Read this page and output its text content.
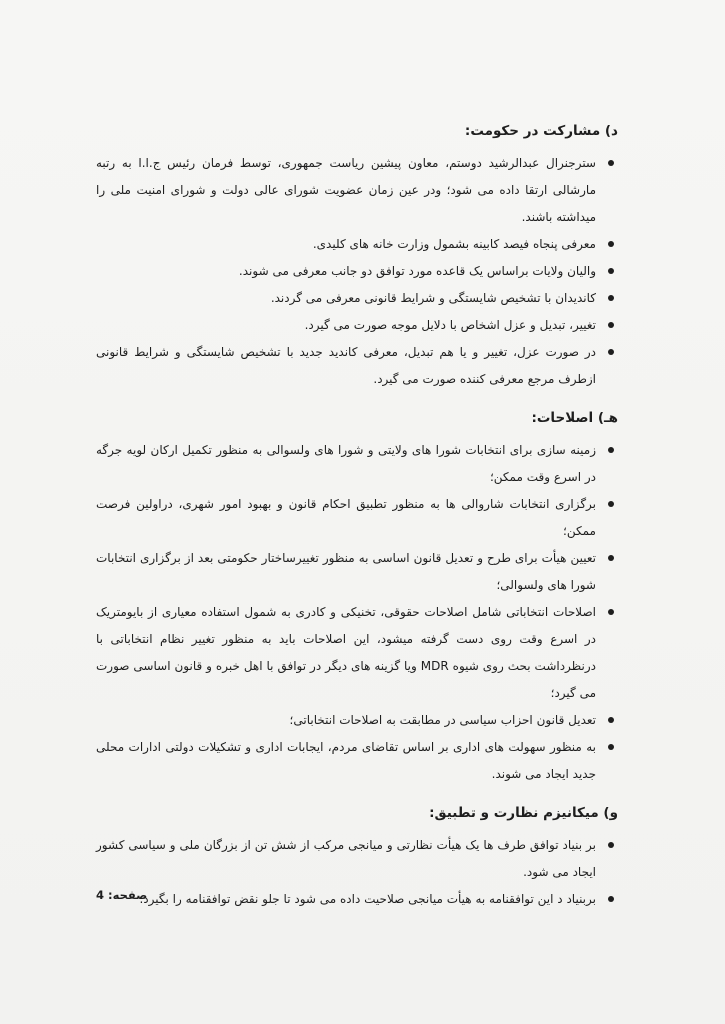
د) مشارکت در حکومت:
سترجنرال عبدالرشید دوستم، معاون پیشین ریاست جمهوری، توسط فرمان رئیس ج.ا.ا به رتبه مارشالی ارتقا داده می شود؛ ودر عین زمان عضویت شورای عالی دولت و شورای امنیت ملی را میداشته باشند.
معرفی پنجاه فیصد کابینه بشمول وزارت خانه های کلیدی.
والیان ولایات براساس یک قاعده مورد توافق دو جانب معرفی می شوند.
کاندیدان با تشخیص شایستگی و شرایط قانونی معرفی می گردند.
تغییر، تبدیل و عزل اشخاص با دلایل موجه صورت می گیرد.
در صورت عزل، تغییر و یا هم تبدیل، معرفی کاندید جدید با تشخیص شایستگی و شرایط قانونی ازطرف مرجع معرفی کننده صورت می گیرد.
هـ) اصلاحات:
زمینه سازی برای انتخابات شورا های ولایتی و شورا های ولسوالی به منظور تکمیل ارکان لویه جرگه در اسرع وقت ممکن؛
برگزاری انتخابات شاروالی ها به منظور تطبیق احکام قانون و بهبود امور شهری، دراولین فرصت ممکن؛
تعیین هیأت برای طرح و تعدیل قانون اساسی به منظور تغییرساختار حکومتی بعد از برگزاری انتخابات شورا های ولسوالی؛
اصلاحات انتخاباتی شامل اصلاحات حقوقی، تخنیکی و کادری به شمول استفاده معیاری از بایومتریک در اسرع وقت روی دست گرفته میشود، این اصلاحات باید به منظور تغییر نظام انتخاباتی با درنظرداشت بحث روی شیوه MDR ویا گزینه های دیگر در توافق با اهل خبره و قانون اساسی صورت می گیرد؛
تعدیل قانون احزاب سیاسی در مطابقت به اصلاحات انتخاباتی؛
به منظور سهولت های اداری بر اساس تقاضای مردم، ایجابات اداری و تشکیلات دولتی ادارات محلی جدید ایجاد می شوند.
و) میکانیزم نظارت و تطبیق:
بر بنیاد توافق طرف ها یک هیأت نظارتی و میانجی مرکب از شش تن از بزرگان ملی و سیاسی کشور ایجاد می شود.
بربنیاد د این توافقنامه به هیأت میانجی صلاحیت داده می شود تا جلو نقض توافقنامه را بگیرد.
صفحه: 4
